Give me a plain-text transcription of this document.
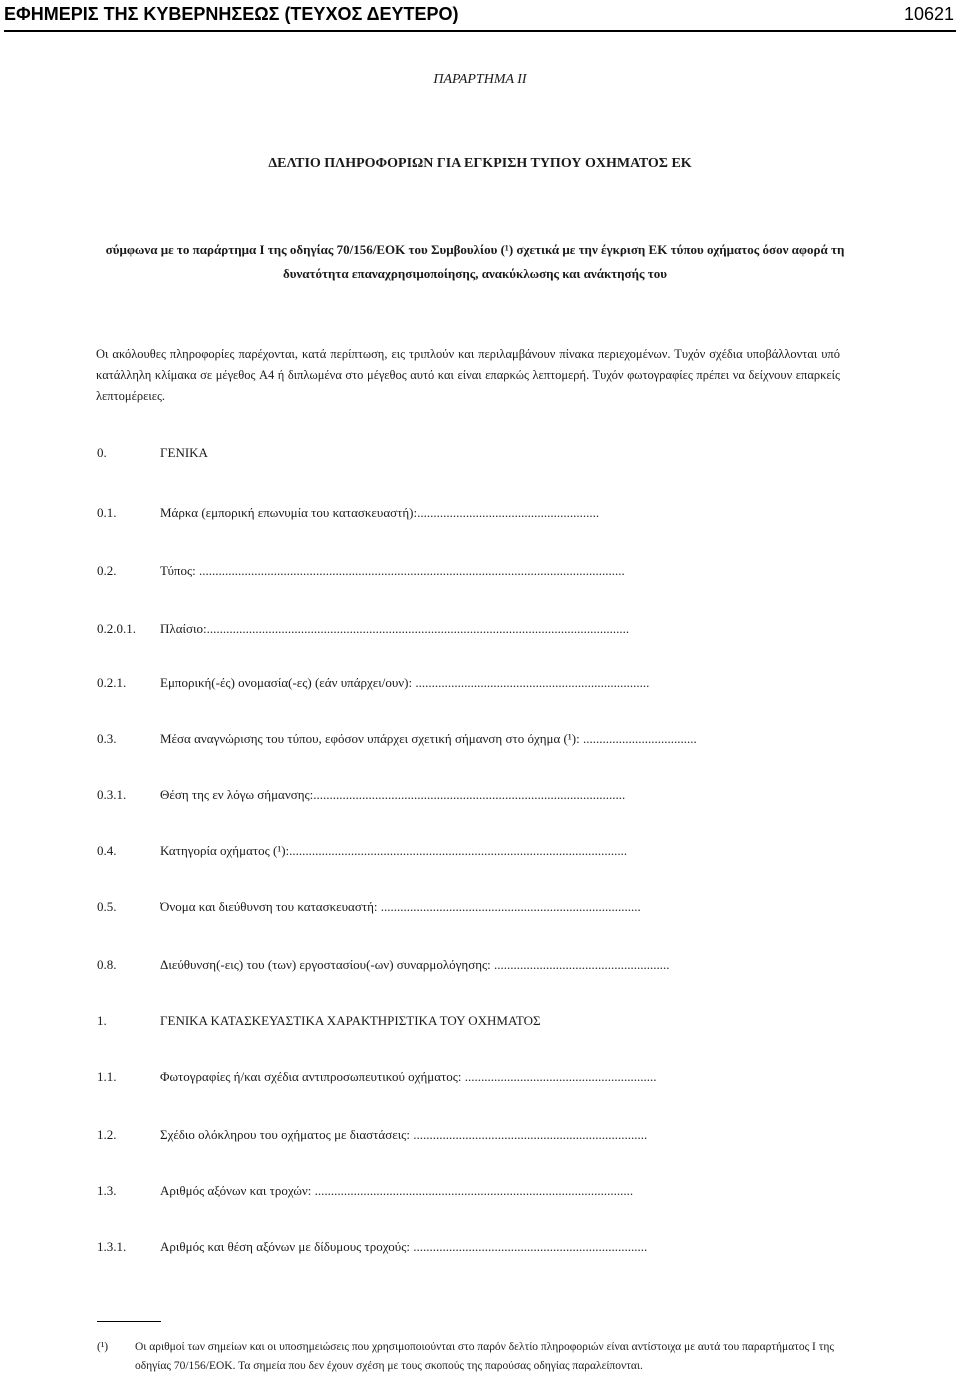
ΕΦΗΜΕΡΙΣ ΤΗΣ ΚΥΒΕΡΝΗΣΕΩΣ (ΤΕΥΧΟΣ ΔΕΥΤΕΡΟ)	10621
ΠΑΡΑΡΤΗΜΑ II
ΔΕΛΤΙΟ ΠΛΗΡΟΦΟΡΙΩΝ ΓΙΑ ΕΓΚΡΙΣΗ ΤΥΠΟΥ ΟΧΗΜΑΤΟΣ ΕΚ
σύμφωνα με το παράρτημα I της οδηγίας 70/156/ΕΟΚ του Συμβουλίου (¹) σχετικά με την έγκριση ΕΚ τύπου οχήματος όσον αφορά τη δυνατότητα επαναχρησιμοποίησης, ανακύκλωσης και ανάκτησής του
Οι ακόλουθες πληροφορίες παρέχονται, κατά περίπτωση, εις τριπλούν και περιλαμβάνουν πίνακα περιεχομένων. Τυχόν σχέδια υποβάλλονται υπό κατάλληλη κλίμακα σε μέγεθος A4 ή διπλωμένα στο μέγεθος αυτό και είναι επαρκώς λεπτομερή. Τυχόν φωτογραφίες πρέπει να δείχνουν επαρκείς λεπτομέρειες.
0.	ΓΕΝΙΚΑ
0.1.	Μάρκα (εμπορική επωνυμία του κατασκευαστή):........................................................
0.2.	Τύπος: ...................................................................................................................................
0.2.0.1. Πλαίσιο:..................................................................................................................................
0.2.1.	Εμπορική(-ές) ονομασία(-ες) (εάν υπάρχει/ουν): ........................................................................
0.3.	Μέσα αναγνώρισης του τύπου, εφόσον υπάρχει σχετική σήμανση στο όχημα (¹): ...................................
0.3.1.	Θέση της εν λόγω σήμανσης:................................................................................................
0.4.	Κατηγορία οχήματος (¹):........................................................................................................
0.5.	Όνομα και διεύθυνση του κατασκευαστή: ................................................................................
0.8.	Διεύθυνση(-εις) του (των) εργοστασίου(-ων) συναρμολόγησης: ......................................................
1.	ΓΕΝΙΚΑ ΚΑΤΑΣΚΕΥΑΣΤΙΚΑ ΧΑΡΑΚΤΗΡΙΣΤΙΚΑ ΤΟΥ ΟΧΗΜΑΤΟΣ
1.1.	Φωτογραφίες ή/και σχέδια αντιπροσωπευτικού οχήματος: ...........................................................
1.2.	Σχέδιο ολόκληρου του οχήματος με διαστάσεις: ........................................................................
1.3.	Αριθμός αξόνων και τροχών: ..................................................................................................
1.3.1.	Αριθμός και θέση αξόνων με δίδυμους τροχούς: ........................................................................
(¹) Οι αριθμοί των σημείων και οι υποσημειώσεις που χρησιμοποιούνται στο παρόν δελτίο πληροφοριών είναι αντίστοιχα με αυτά του παραρτήματος I της οδηγίας 70/156/ΕΟΚ. Τα σημεία που δεν έχουν σχέση με τους σκοπούς της παρούσας οδηγίας παραλείπονται.
